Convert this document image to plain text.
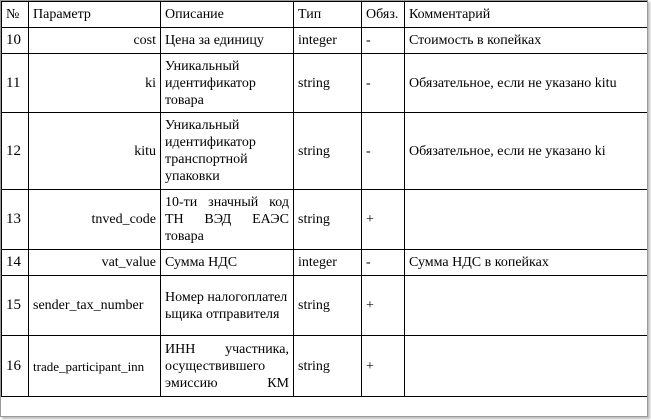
№	Параметр	Описание	Тип	Обяз.	Комментарий
10	cost	Цена за единицу	integer	-	Стоимость в копейках
11	ki	Уникальный идентификатор товара	string	-	Обязательное, если не указано kitu
12	kitu	Уникальный идентификатор транспортной упаковки	string	-	Обязательное, если не указано ki
13	tnved_code	10-ти значный код ТН ВЭД ЕАЭС товара	string	+	
14	vat_value	Сумма НДС	integer	-	Сумма НДС в копейках
15	sender_tax_number	Номер налогоплательщика отправителя	string	+	
16	trade_participant_inn	ИНН участника, осуществившего эмиссию КМ	string	+	
